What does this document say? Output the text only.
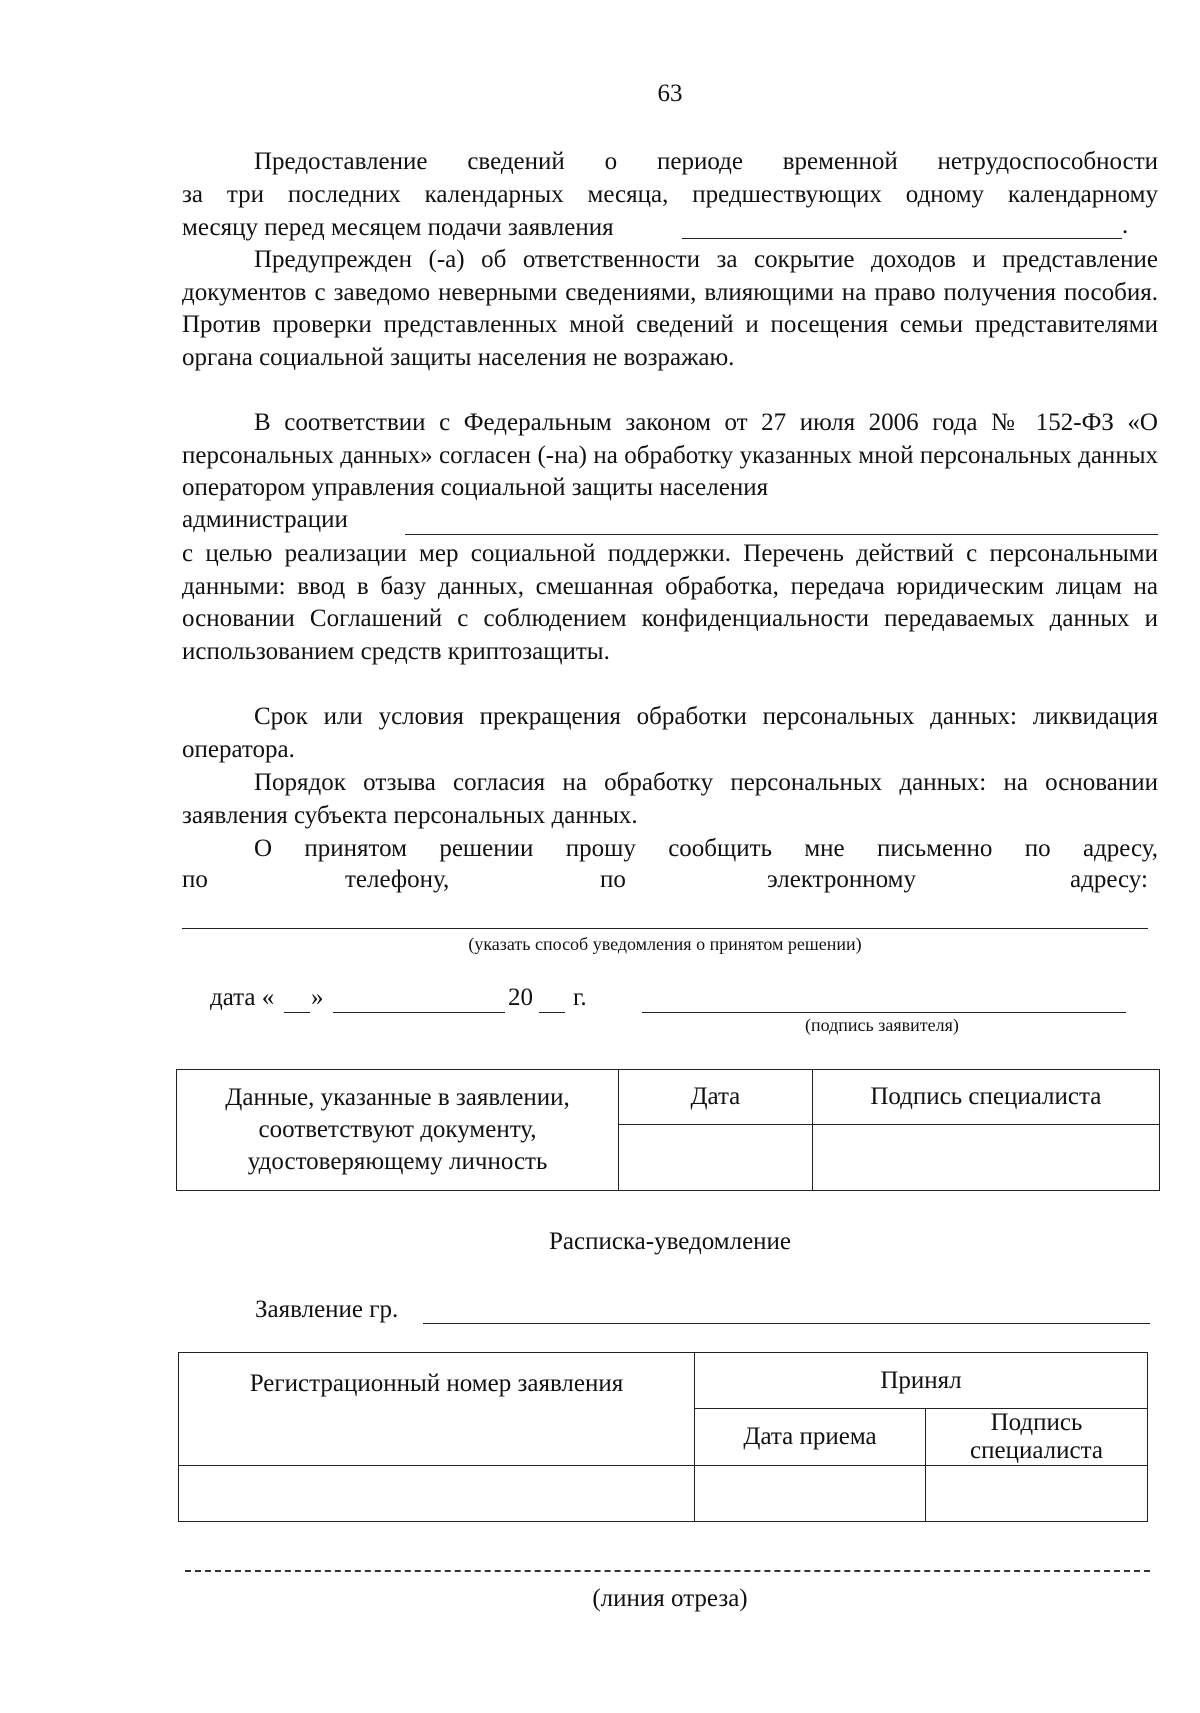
63
Предоставление сведений о периоде временной нетрудоспособности
за три последних календарных месяца, предшествующих одному календарному
месяцу перед месяцем подачи заявления	.
Предупрежден (-а) об ответственности за сокрытие доходов и представление документов с заведомо неверными сведениями, влияющими на право получения пособия. Против проверки представленных мной сведений и посещения семьи представителями органа социальной защиты населения не возражаю.
В соответствии с Федеральным законом от 27 июля 2006 года № 152-ФЗ «О персональных данных» согласен (-на) на обработку указанных мной персональных данных оператором управления социальной защиты населения
администрации
с целью реализации мер социальной поддержки. Перечень действий с персональными данными: ввод в базу данных, смешанная обработка, передача юридическим лицам на основании Соглашений с соблюдением конфиденциальности передаваемых данных и использованием средств криптозащиты.
Срок или условия прекращения обработки персональных данных: ликвидация оператора.
Порядок отзыва согласия на обработку персональных данных: на основании заявления субъекта персональных данных.
О принятом решении прошу сообщить мне письменно по адресу,
по	телефону,	по	электронному	адресу:
(указать способ уведомления о принятом решении)
дата « »	20 г.
(подпись заявителя)
Данные, указанные в заявлении, соответствуют документу, удостоверяющему личность	Дата	Подпись специалиста

Расписка-уведомление
Заявление гр.
Регистрационный номер заявления	Принял	
	Дата приема	Подпись специалиста

(линия отреза)
